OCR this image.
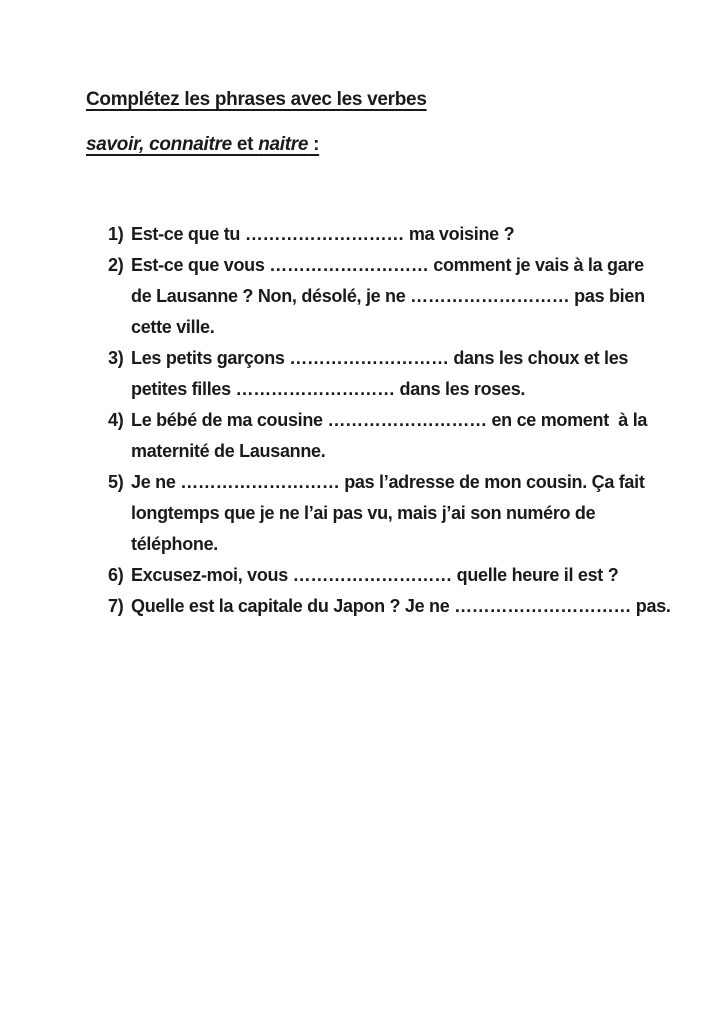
Complétez les phrases avec les verbes
savoir, connaitre et naitre :
1) Est-ce que tu ……………………… ma voisine ?
2) Est-ce que vous ……………………… comment je vais à la gare
de Lausanne ? Non, désolé, je ne ……………………… pas bien
cette ville.
3) Les petits garçons ……………………… dans les choux et les
petites filles ……………………… dans les roses.
4) Le bébé de ma cousine ……………………… en ce moment  à la
maternité de Lausanne.
5) Je ne ……………………… pas l’adresse de mon cousin. Ça fait
longtemps que je ne l’ai pas vu, mais j’ai son numéro de
téléphone.
6) Excusez-moi, vous ……………………… quelle heure il est ?
7) Quelle est la capitale du Japon ? Je ne ………………………… pas.
